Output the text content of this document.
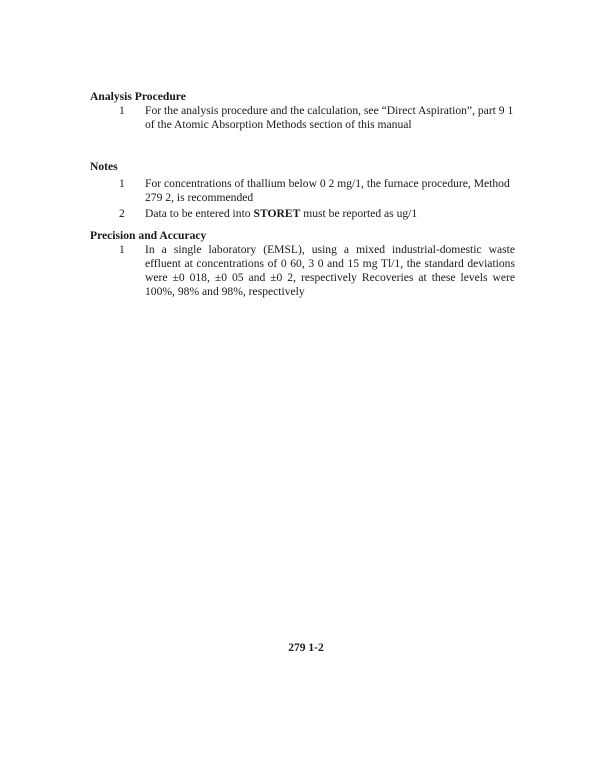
Analysis Procedure

1 For the analysis procedure and the calculation, see “Direct Aspiration”, part 9 1 of the Atomic Absorption Methods section of this manual

Notes

1 For concentrations of thallium below 0 2 mg/1, the furnace procedure, Method 279 2, is recommended
2 Data to be entered into STORET must be reported as ug/1

Precision and Accuracy

1 In a single laboratory (EMSL), using a mixed industrial-domestic waste effluent at concentrations of 0 60, 3 0 and 15 mg Tl/1, the standard deviations were ±0 018, ±0 05 and ±0 2, respectively Recoveries at these levels were 100%, 98% and 98%, respectively
279 1-2
